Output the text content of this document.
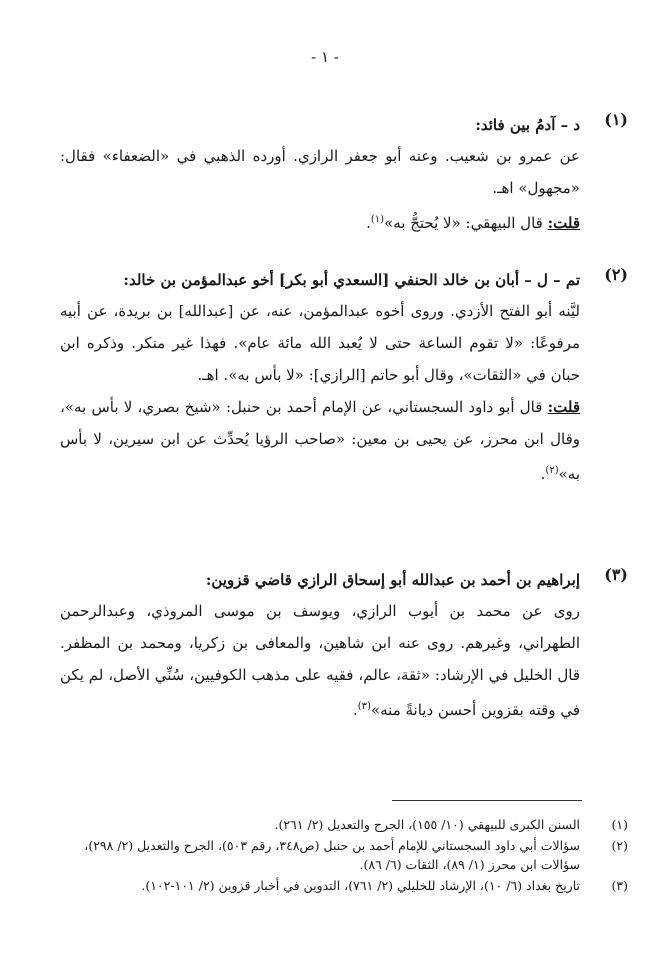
- ١ -
(١)

د – آدمُ بين فائد:

عن عمرو بن شعيب. وعنه أبو جعفر الرازي. أورده الذهبي في «الضعفاء» فقال: «مجهول» اهـ.

قلت: قال البيهقي: «لا يُحتجُّ به»$^{(١)}$.

(٢)

تم – ل – أبان بن خالد الحنفي [السعدي أبو بكر] أخو عبدالمؤمن بن خالد:

ليَّنه أبو الفتح الأزدي. وروى أخوه عبدالمؤمن، عنه، عن [عبدالله] بن بريدة، عن أبيه مرفوعًا: «لا تقوم الساعة حتى لا يُعبد الله مائة عام». فهذا غير منكر. وذكره ابن حبان في «الثقات»، وقال أبو حاتم [الرازي]: «لا بأس به». اهـ.

قلت: قال أبو داود السجستاني، عن الإمام أحمد بن حنبل: «شيخ بصري، لا بأس به»، وقال ابن محرز، عن يحيى بن معين: «صاحب الرؤيا يُحدِّث عن ابن سيرين، لا بأس به»$^{(٢)}$.

(٣)

إبراهيم بن أحمد بن عبدالله أبو إسحاق الرازي قاضي قزوين:

روى عن محمد بن أيوب الرازي، ويوسف بن موسى المروذي، وعبدالرحمن الطهراني، وغيرهم. روى عنه ابن شاهين، والمعافى بن زكريا، ومحمد بن المظفر. قال الخليل في الإرشاد: «ثقة، عالم، فقيه على مذهب الكوفيين، سُنِّي الأصل، لم يكن في وقته بقزوين أحسن ديانةً منه»$^{(٣)}$.

(١)
السنن الكبرى للبيهقي (١٠/ ١٥٥)، الجرح والتعديل (٢/ ٢٦١).
(٢)
سؤالات أبي داود السجستاني للإمام أحمد بن حنبل (ص٣٤٨، رقم ٥٠٣)، الجرح والتعديل (٢/ ٢٩٨)، سؤالات ابن محرز (١/ ٨٩)، الثقات (٦/ ٨٦).
(٣)
تاريخ بغداد (٦/ ١٠)، الإرشاد للخليلي (٢/ ٧٦١)، التدوين في أخبار قزوين (٢/ ١٠١-١٠٢).
